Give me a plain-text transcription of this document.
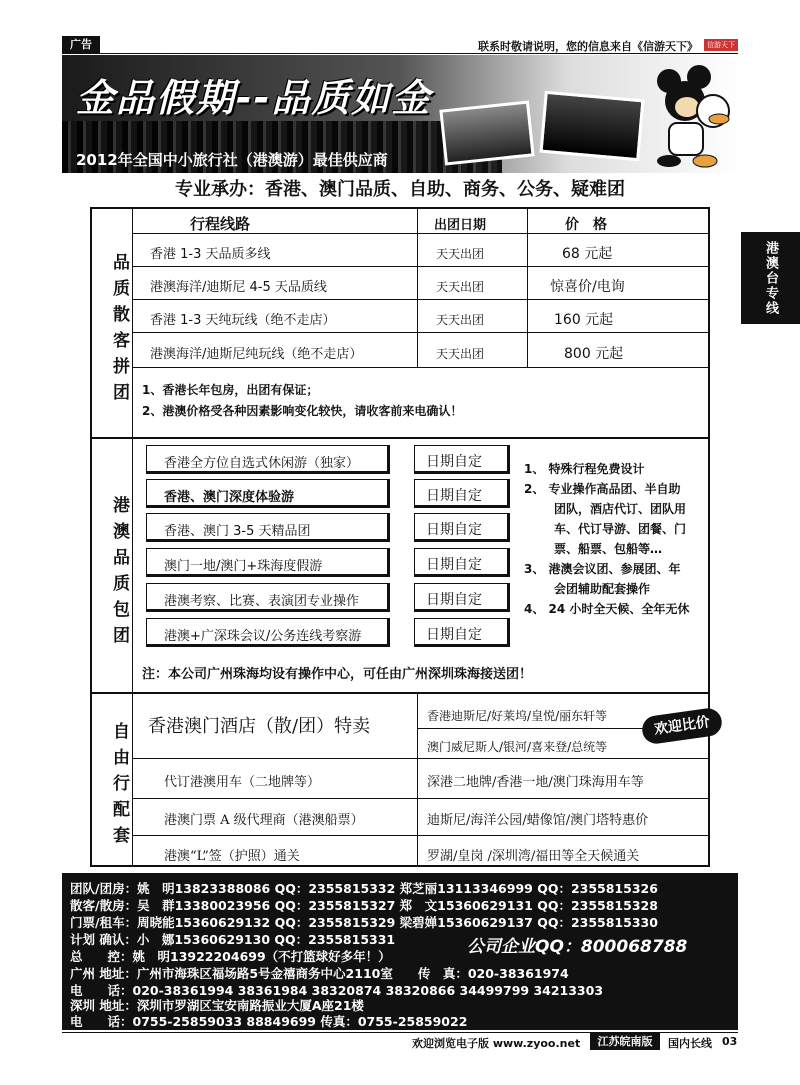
广告	联系时敬请说明，您的信息来自《信游天下》	信游天下
金品假期--品质如金
2012年全国中小旅行社（港澳游）最佳供应商
港澳台专线
专业承办：香港、澳门品质、自助、商务、公务、疑难团
品质散客拼团
行程线路	出团日期	价　格
香港 1-3 天品质多线	天天出团	68 元起
港澳海洋/迪斯尼 4-5 天品质线	天天出团	惊喜价/电询
香港 1-3 天纯玩线（绝不走店）	天天出团	160 元起
港澳海洋/迪斯尼纯玩线（绝不走店）	天天出团	800 元起
1、香港长年包房，出团有保证；
2、港澳价格受各种因素影响变化较快，请收客前来电确认！
港澳品质包团
香港全方位自选式休闲游（独家）	日期自定
香港、澳门深度体验游	日期自定
香港、澳门 3-5 天精品团	日期自定
澳门一地/澳门+珠海度假游	日期自定
港澳考察、比赛、表演团专业操作	日期自定
港澳+广深珠会议/公务连线考察游	日期自定
1、 特殊行程免费设计
2、 专业操作高品团、半自助
团队，酒店代订、团队用
车、代订导游、团餐、门
票、船票、包船等…
3、 港澳会议团、参展团、年
会团辅助配套操作
4、 24 小时全天候、全年无休
注：本公司广州珠海均设有操作中心，可任由广州深圳珠海接送团！
自由行配套 香港澳门酒店（散/团）特卖	香港迪斯尼/好莱坞/皇悦/丽东轩等
澳门威尼斯人/银河/喜来登/总统等
代订港澳用车（二地牌等）	深港二地牌/香港一地/澳门珠海用车等
港澳门票 A 级代理商（港澳船票）	迪斯尼/海洋公园/蜡像馆/澳门塔特惠价
港澳“L”签（护照）通关	罗湖/皇岗 /深圳湾/福田等全天候通关
欢迎比价
团队/团房：姚　明13823388086 QQ：2355815332 郑芝丽13113346999 QQ：2355815326
散客/散房：吴　群13380023956 QQ：2355815327 郑　文15360629131 QQ：2355815328
门票/租车：周晓能15360629132 QQ：2355815329 梁碧婵15360629137 QQ：2355815330
计划 确认：小　娜15360629130 QQ：2355815331
总　　控：姚　明13922204699（不打篮球好多年！）
广州 地址：广州市海珠区福场路5号金禧商务中心2110室　　传　真：020-38361974
电　　话：020-38361994 38361984 38320874 38320866 34499799 34213303
深圳 地址：深圳市罗湖区宝安南路振业大厦A座21楼
电　　话：0755-25859033 88849699 传真：0755-25859022
公司企业QQ：800068788
欢迎浏览电子版 www.zyoo.net	江苏皖南版	国内长线 03
